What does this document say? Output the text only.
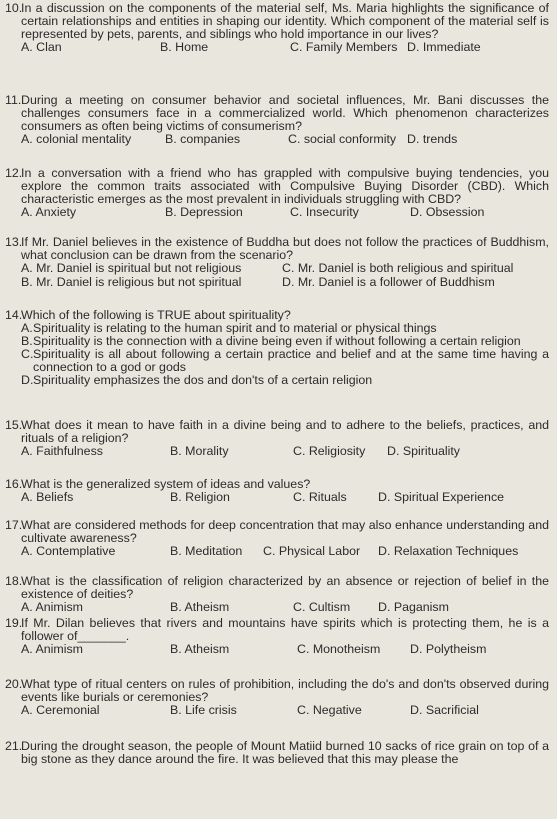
10.
In a discussion on the components of the material self, Ms. Maria highlights the significance of certain relationships and entities in shaping our identity. Which component of the material self is represented by pets, parents, and siblings who hold importance in our lives?
A. Clan	B. Home	C. Family Members D. Immediate
11. During a meeting on consumer behavior and societal influences, Mr. Bani discusses the challenges consumers face in a commercialized world. Which phenomenon characterizes consumers as often being victims of consumerism?
A. colonial mentality	B. companies	C. social conformity D. trends
12.
In a conversation with a friend who has grappled with compulsive buying tendencies, you explore the common traits associated with Compulsive Buying Disorder (CBD). Which characteristic emerges as the most prevalent in individuals struggling with CBD?
A. Anxiety	B. Depression	C. Insecurity	D. Obsession
13.
If Mr. Daniel believes in the existence of Buddha but does not follow the practices of Buddhism, what conclusion can be drawn from the scenario?
A. Mr. Daniel is spiritual but not religious	C. Mr. Daniel is both religious and spiritual
B. Mr. Daniel is religious but not spiritual	D. Mr. Daniel is a follower of Buddhism
14.
Which of the following is TRUE about spirituality?
A. Spirituality is relating to the human spirit and to material or physical things
B. Spirituality is the connection with a divine being even if without following a certain religion
C. Spirituality is all about following a certain practice and belief and at the same time having a connection to a god or gods
D. Spirituality emphasizes the dos and don'ts of a certain religion
15.
What does it mean to have faith in a divine being and to adhere to the beliefs, practices, and rituals of a religion?
A. Faithfulness	B. Morality	C. Religiosity D. Spirituality
16.
What is the generalized system of ideas and values?
A. Beliefs	B. Religion	C. Rituals	D. Spiritual Experience
17.
What are considered methods for deep concentration that may also enhance understanding and cultivate awareness?
A. Contemplative	B. Meditation C. Physical Labor D. Relaxation Techniques
18.
What is the classification of religion characterized by an absence or rejection of belief in the existence of deities?
A. Animism	B. Atheism	C. Cultism D. Paganism
19.
If Mr. Dilan believes that rivers and mountains have spirits which is protecting them, he is a follower of_______.
A. Animism	B. Atheism	C. Monotheism D. Polytheism
20.
What type of ritual centers on rules of prohibition, including the do's and don'ts observed during events like burials or ceremonies?
A. Ceremonial	B. Life crisis	C. Negative	D. Sacrificial
21.
During the drought season, the people of Mount Matiid burned 10 sacks of rice grain on top of a big stone as they dance around the fire. It was believed that this may please the
